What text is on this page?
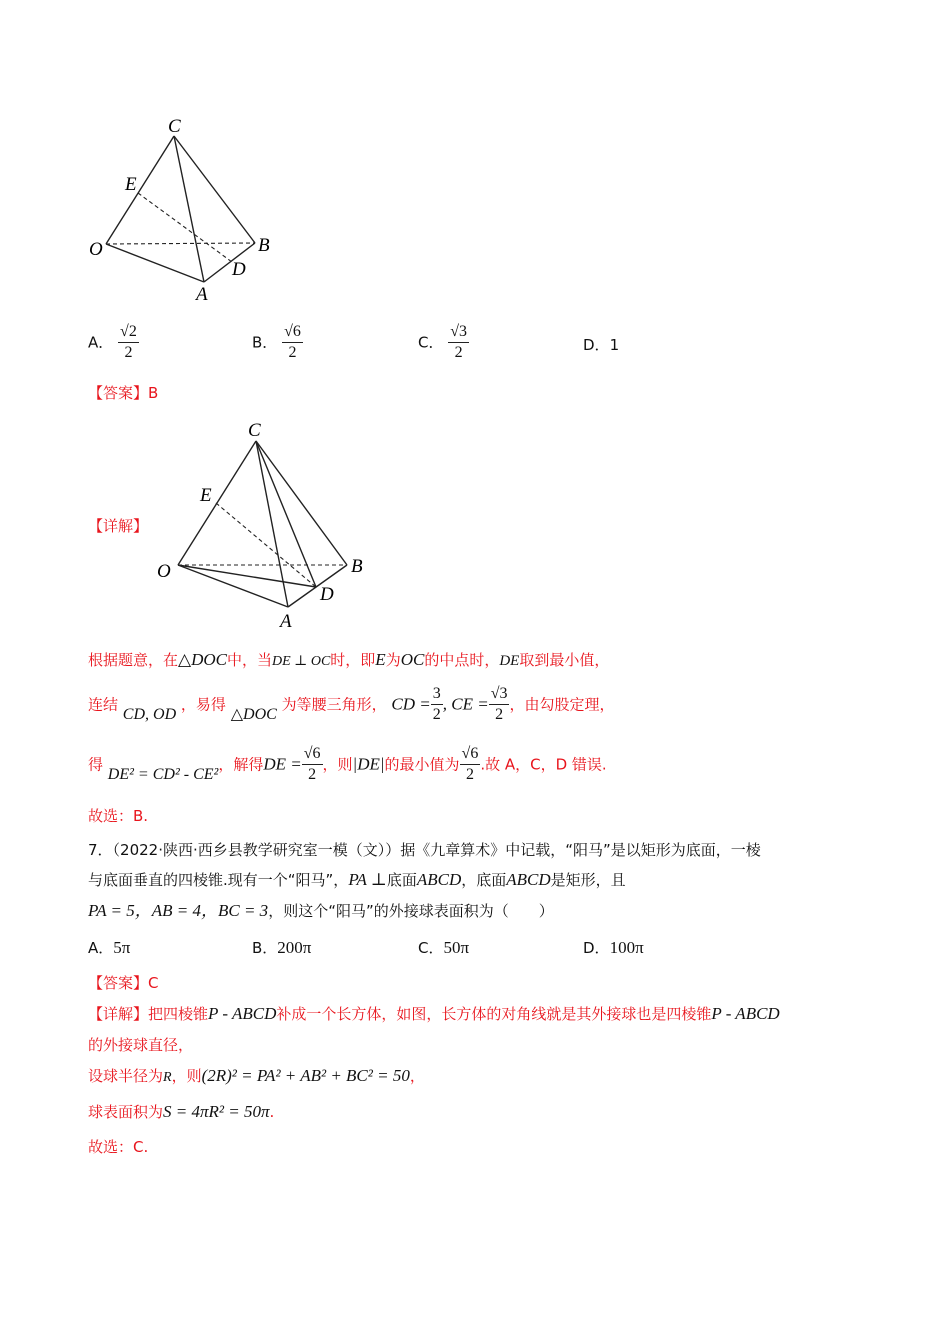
C
E
O	B
D
A
A． $\frac{√2}{2}$	B． $\frac{√6}{2}$	C． $\frac{√3}{2}$	D．1
【答案】B
【详解】
C
E
O	B
D
A
根据题意，在△DOC中，当DE ⊥ OC时，即E为OC的中点时，DE取到最小值，
连结 CD, OD ，易得 △DOC 为等腰三角形， CD = $\frac{3}{2}$ , CE = $\frac{√3}{2}$ ，由勾股定理，
得 DE² = CD² - CE²，解得DE = $\frac{√6}{2}$ ，则|DE|的最小值为 $\frac{√6}{2}$ .故 A，C，D 错误.
故选：B.
7．（2022·陕西·西乡县教学研究室一模（文））据《九章算术》中记载，“阳马”是以矩形为底面，一棱
与底面垂直的四棱锥.现有一个“阳马”，PA ⊥底面ABCD，底面ABCD是矩形，且
PA = 5，AB = 4，BC = 3，则这个“阳马”的外接球表面积为（　　）
A．5π	B．200π	C．50π	D．100π
【答案】C
【详解】把四棱锥P - ABCD补成一个长方体，如图，长方体的对角线就是其外接球也是四棱锥P - ABCD
的外接球直径，
设球半径为R，则(2R)² = PA² + AB² + BC² = 50，
球表面积为S = 4πR² = 50π.
故选：C.
